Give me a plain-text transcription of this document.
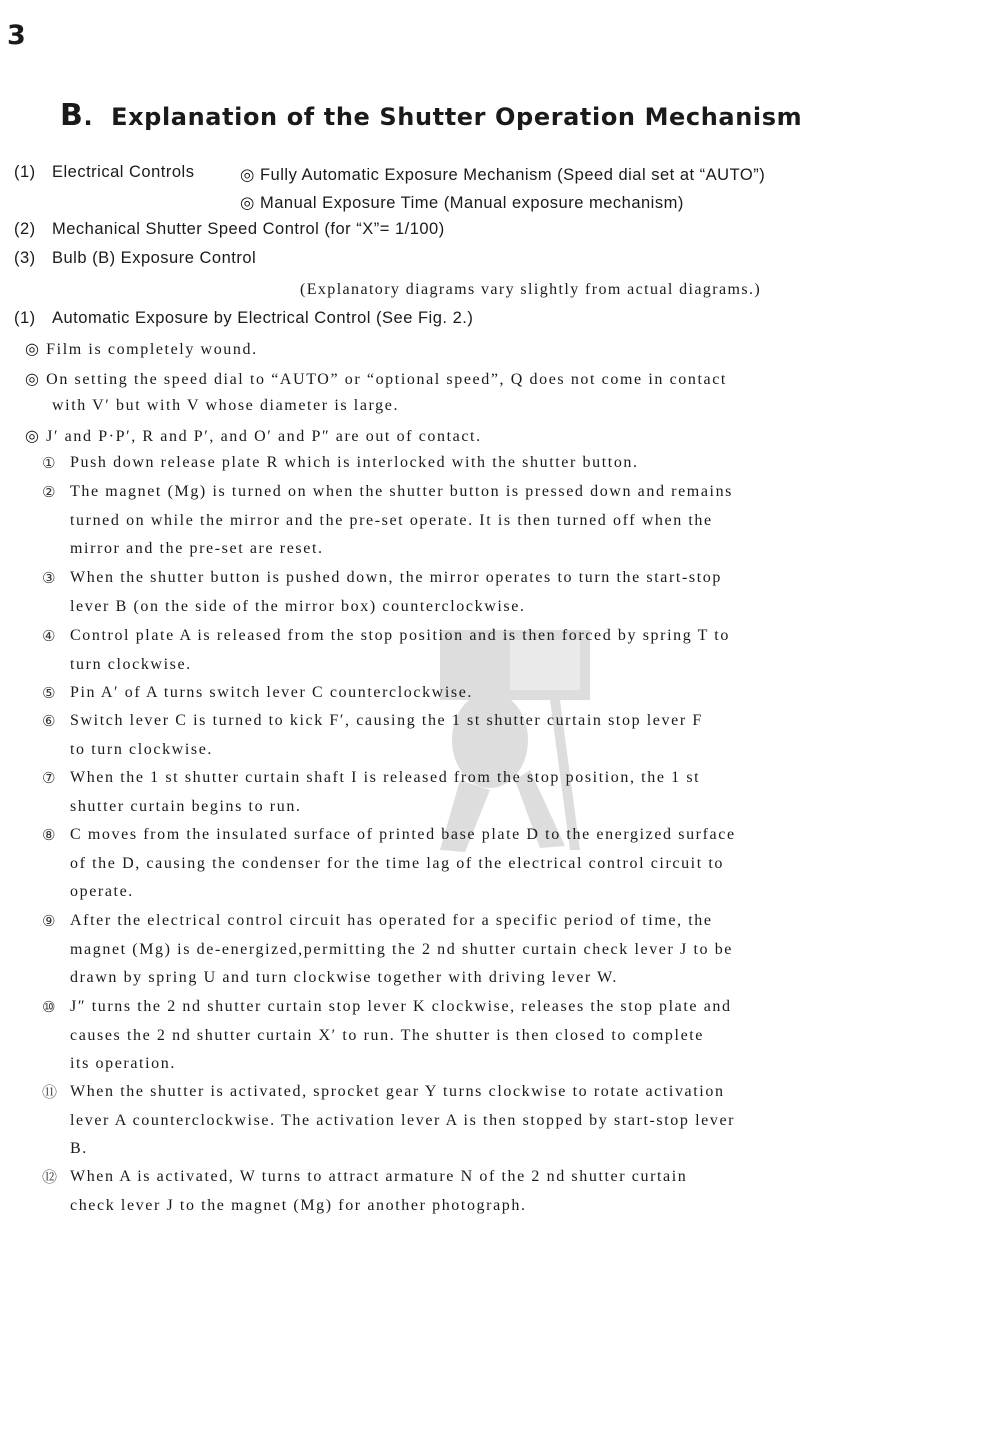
3
B. Explanation of the Shutter Operation Mechanism
(1) Electrical Controls	◎ Fully Automatic Exposure Mechanism (Speed dial set at “AUTO”)
◎ Manual Exposure Time (Manual exposure mechanism)
(2) Mechanical Shutter Speed Control (for “X”= 1/100)
(3) Bulb (B) Exposure Control
(Explanatory diagrams vary slightly from actual diagrams.)
(1) Automatic Exposure by Electrical Control (See Fig. 2.)
◎ Film is completely wound.
◎ On setting the speed dial to “AUTO” or “optional speed”, Q does not come in contact
with V′ but with V whose diameter is large.
◎ J′ and P·P′, R and P′, and O′ and P″ are out of contact.
① Push down release plate R which is interlocked with the shutter button.
② The magnet (Mg) is turned on when the shutter button is pressed down and remains
turned on while the mirror and the pre-set operate. It is then turned off when the
mirror and the pre-set are reset.
③ When the shutter button is pushed down, the mirror operates to turn the start-stop
lever B (on the side of the mirror box) counterclockwise.
④ Control plate A is released from the stop position and is then forced by spring T to
turn clockwise.
⑤ Pin A′ of A turns switch lever C counterclockwise.
⑥ Switch lever C is turned to kick F′, causing the 1 st shutter curtain stop lever F
to turn clockwise.
⑦ When the 1 st shutter curtain shaft I is released from the stop position, the 1 st
shutter curtain begins to run.
⑧ C moves from the insulated surface of printed base plate D to the energized surface
of the D, causing the condenser for the time lag of the electrical control circuit to
operate.
⑨ After the electrical control circuit has operated for a specific period of time, the
magnet (Mg) is de-energized,permitting the 2 nd shutter curtain check lever J to be
drawn by spring U and turn clockwise together with driving lever W.
⑩ J″ turns the 2 nd shutter curtain stop lever K clockwise, releases the stop plate and
causes the 2 nd shutter curtain X′ to run. The shutter is then closed to complete
its operation.
⑪ When the shutter is activated, sprocket gear Y turns clockwise to rotate activation
lever A counterclockwise. The activation lever A is then stopped by start-stop lever
B.
⑫ When A is activated, W turns to attract armature N of the 2 nd shutter curtain
check lever J to the magnet (Mg) for another photograph.
